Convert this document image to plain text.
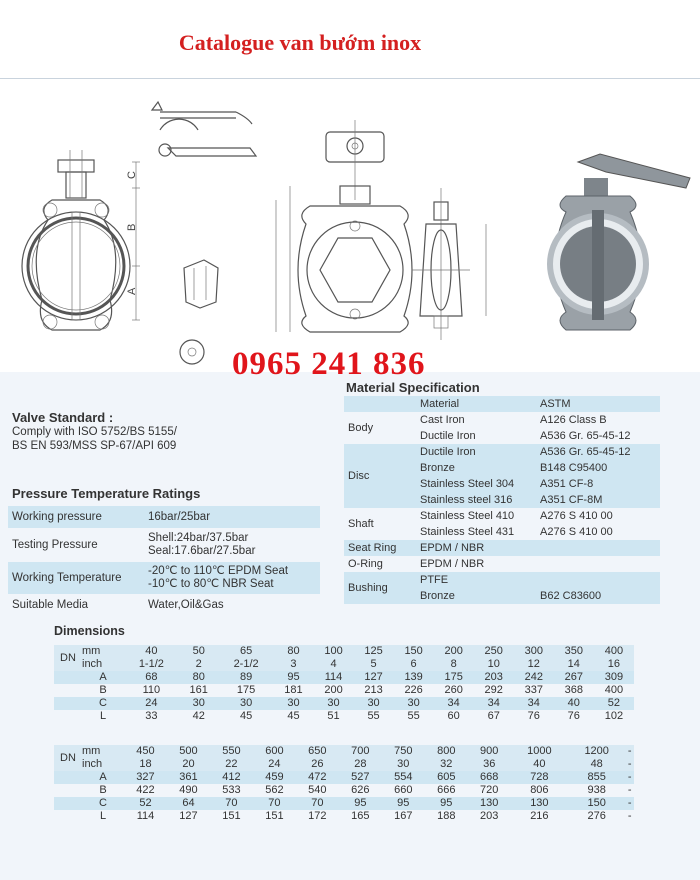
Catalogue van bướm inox
C
B
A
0965 241 836
Valve Standard :
Comply with ISO 5752/BS 5155/
BS EN 593/MSS SP-67/API 609
Pressure Temperature Ratings
Working pressure	16bar/25bar
Testing Pressure	Shell:24bar/37.5bar
Seal:17.6bar/27.5bar
Working Temperature	-20℃ to 110℃ EPDM Seat
-10℃ to 80℃ NBR Seat
Suitable Media	Water,Oil&Gas
Material Specification
	Material	ASTM
Body	Cast Iron	A126 Class B
	Ductile Iron	A536 Gr. 65-45-12
Disc	Ductile Iron	A536 Gr. 65-45-12
	Bronze	B148 C95400
	Stainless Steel 304	A351 CF-8
	Stainless steel 316	A351 CF-8M
Shaft	Stainless Steel 410	A276 S 410 00
	Stainless Steel 431	A276 S 410 00
Seat Ring	EPDM / NBR	
O-Ring	EPDM / NBR	
Bushing	PTFE	
	Bronze	B62 C83600
Dimensions
DN	mm	40	50	65	80	100	125	150	200	250	300	350	400
	inch	1-1/2	2	2-1/2	3	4	5	6	8	10	12	14	16
	A	68	80	89	95	114	127	139	175	203	242	267	309
	B	110	161	175	181	200	213	226	260	292	337	368	400
	C	24	30	30	30	30	30	30	34	34	34	40	52
	L	33	42	45	45	51	55	55	60	67	76	76	102
DN	mm	450	500	550	600	650	700	750	800	900	1000	1200	-
	inch	18	20	22	24	26	28	30	32	36	40	48	-
	A	327	361	412	459	472	527	554	605	668	728	855	-
	B	422	490	533	562	540	626	660	666	720	806	938	-
	C	52	64	70	70	70	95	95	95	130	130	150	-
	L	114	127	151	151	172	165	167	188	203	216	276	-
